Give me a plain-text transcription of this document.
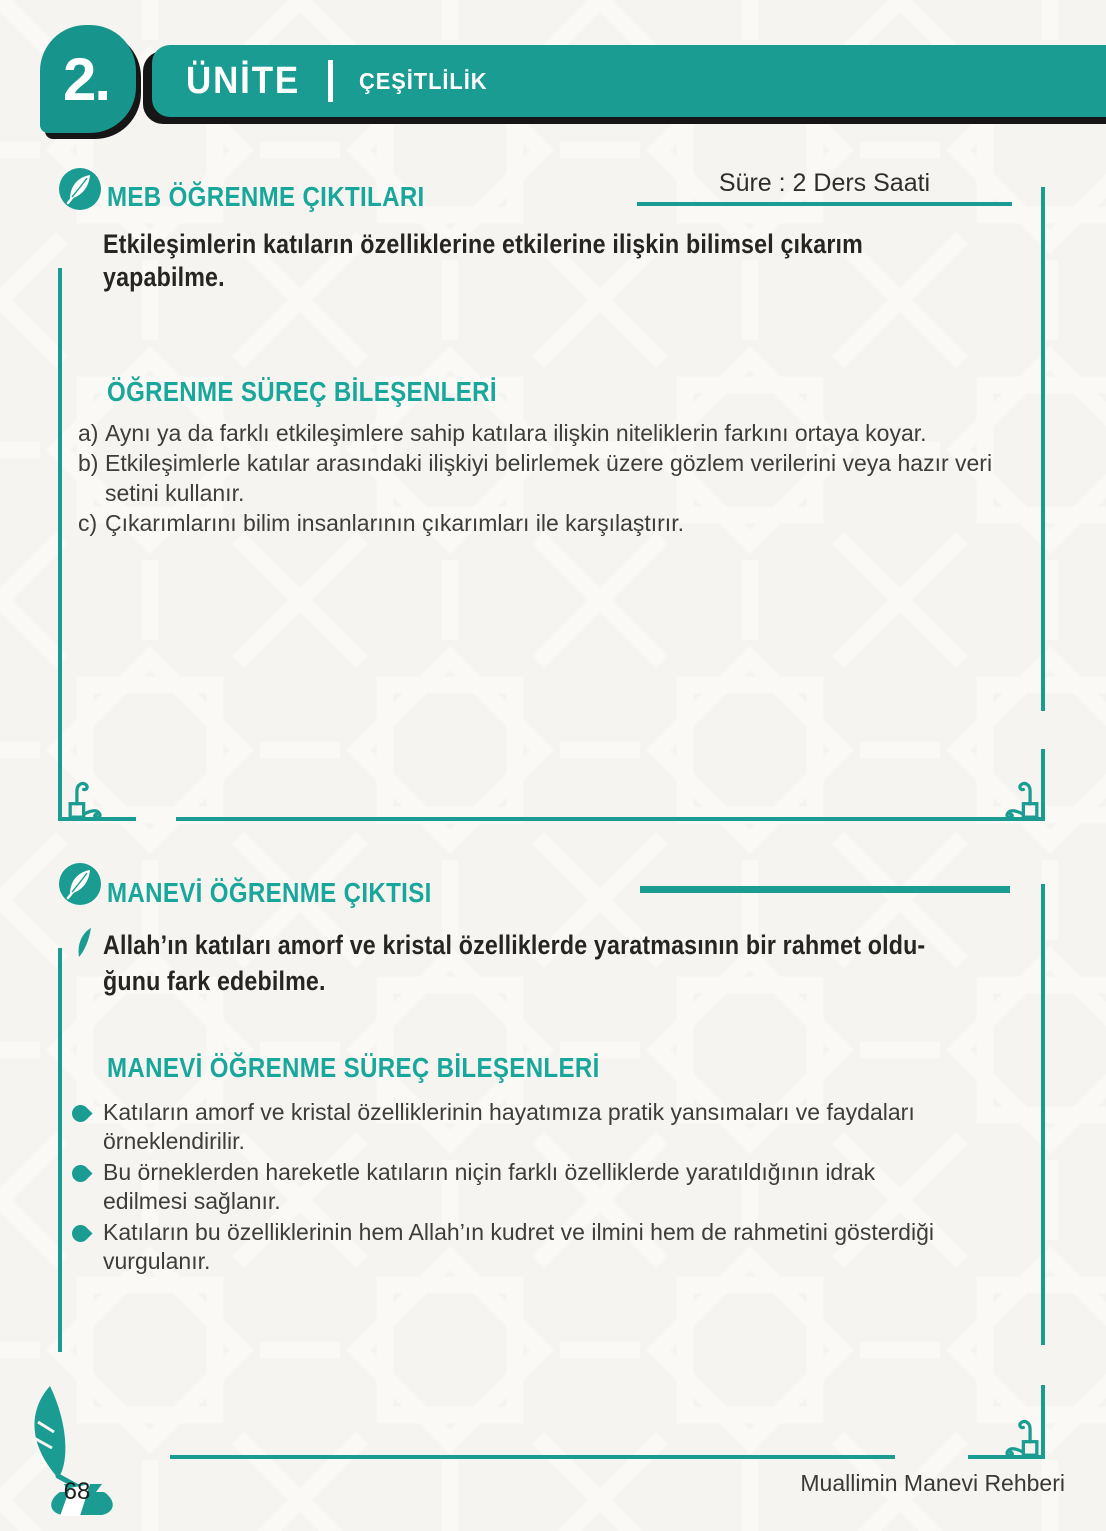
ÜNİTE	ÇEŞİTLİLİK
2.
MEB ÖĞRENME ÇIKTILARI	Süre : 2 Ders Saati
Etkileşimlerin katıların özelliklerine etkilerine ilişkin bilimsel çıkarım
yapabilme.
ÖĞRENME SÜREÇ BİLEŞENLERİ
a) Aynı ya da farklı etkileşimlere sahip katılara ilişkin niteliklerin farkını ortaya koyar.
b) Etkileşimlerle katılar arasındaki ilişkiyi belirlemek üzere gözlem verilerini veya hazır veri setini kullanır.
c) Çıkarımlarını bilim insanlarının çıkarımları ile karşılaştırır.
MANEVİ ÖĞRENME ÇIKTISI
Allah’ın katıları amorf ve kristal özelliklerde yaratmasının bir rahmet oldu-
ğunu fark edebilme.
MANEVİ ÖĞRENME SÜREÇ BİLEŞENLERİ
Katıların amorf ve kristal özelliklerinin hayatımıza pratik yansımaları ve faydaları örneklendirilir.
Bu örneklerden hareketle katıların niçin farklı özelliklerde yaratıldığının idrak edilmesi sağlanır.
Katıların bu özelliklerinin hem Allah’ın kudret ve ilmini hem de rahmetini gösterdiği vurgulanır.
68	Muallimin Manevi Rehberi
